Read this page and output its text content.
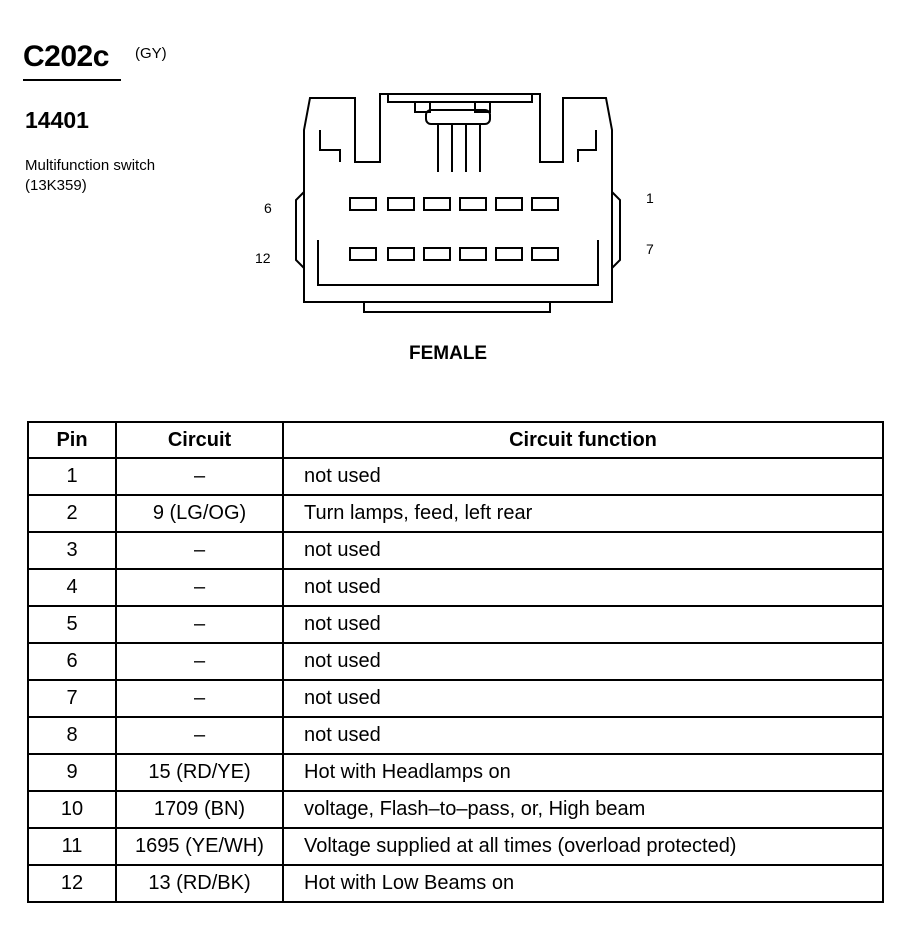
C202c (GY)
14401
Multifunction switch
(13K359)
6
12
1
7
FEMALE
Pin	Circuit	Circuit function
1	–	not used
2	9 (LG/OG)	Turn lamps, feed, left rear
3	–	not used
4	–	not used
5	–	not used
6	–	not used
7	–	not used
8	–	not used
9	15 (RD/YE)	Hot with Headlamps on
10	1709 (BN)	voltage, Flash–to–pass, or, High beam
11	1695 (YE/WH)	Voltage supplied at all times (overload protected)
12	13 (RD/BK)	Hot with Low Beams on
